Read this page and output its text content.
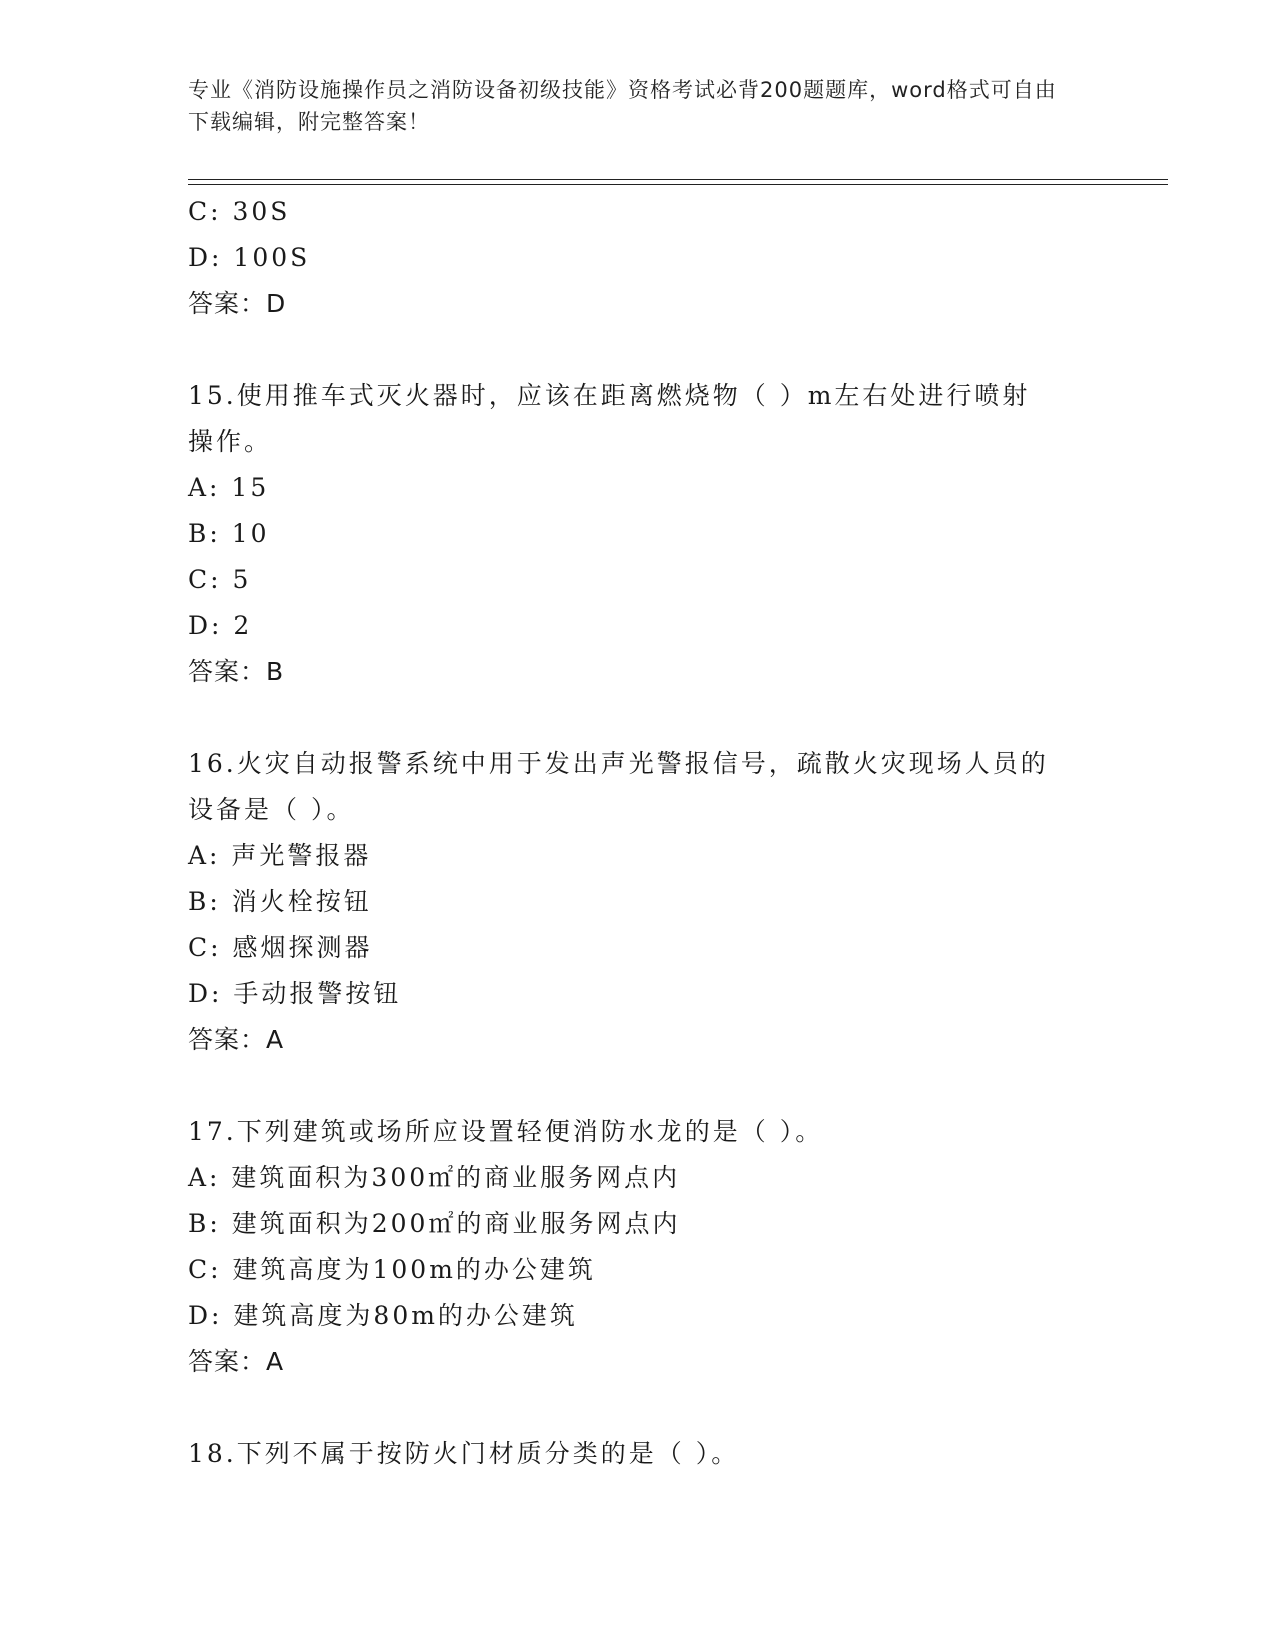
专业《消防设施操作员之消防设备初级技能》资格考试必背200题题库，word格式可自由下载编辑，附完整答案！
C: 30S
D: 100S
答案：D
15.使用推车式灭火器时，应该在距离燃烧物（ ）m左右处进行喷射
操作。
A: 15
B: 10
C: 5
D: 2
答案：B
16.火灾自动报警系统中用于发出声光警报信号，疏散火灾现场人员的
设备是（ ）。
A: 声光警报器
B: 消火栓按钮
C: 感烟探测器
D: 手动报警按钮
答案：A
17.下列建筑或场所应设置轻便消防水龙的是（ ）。
A: 建筑面积为300㎡的商业服务网点内
B: 建筑面积为200㎡的商业服务网点内
C: 建筑高度为100m的办公建筑
D: 建筑高度为80m的办公建筑
答案：A
18.下列不属于按防火门材质分类的是（ ）。
